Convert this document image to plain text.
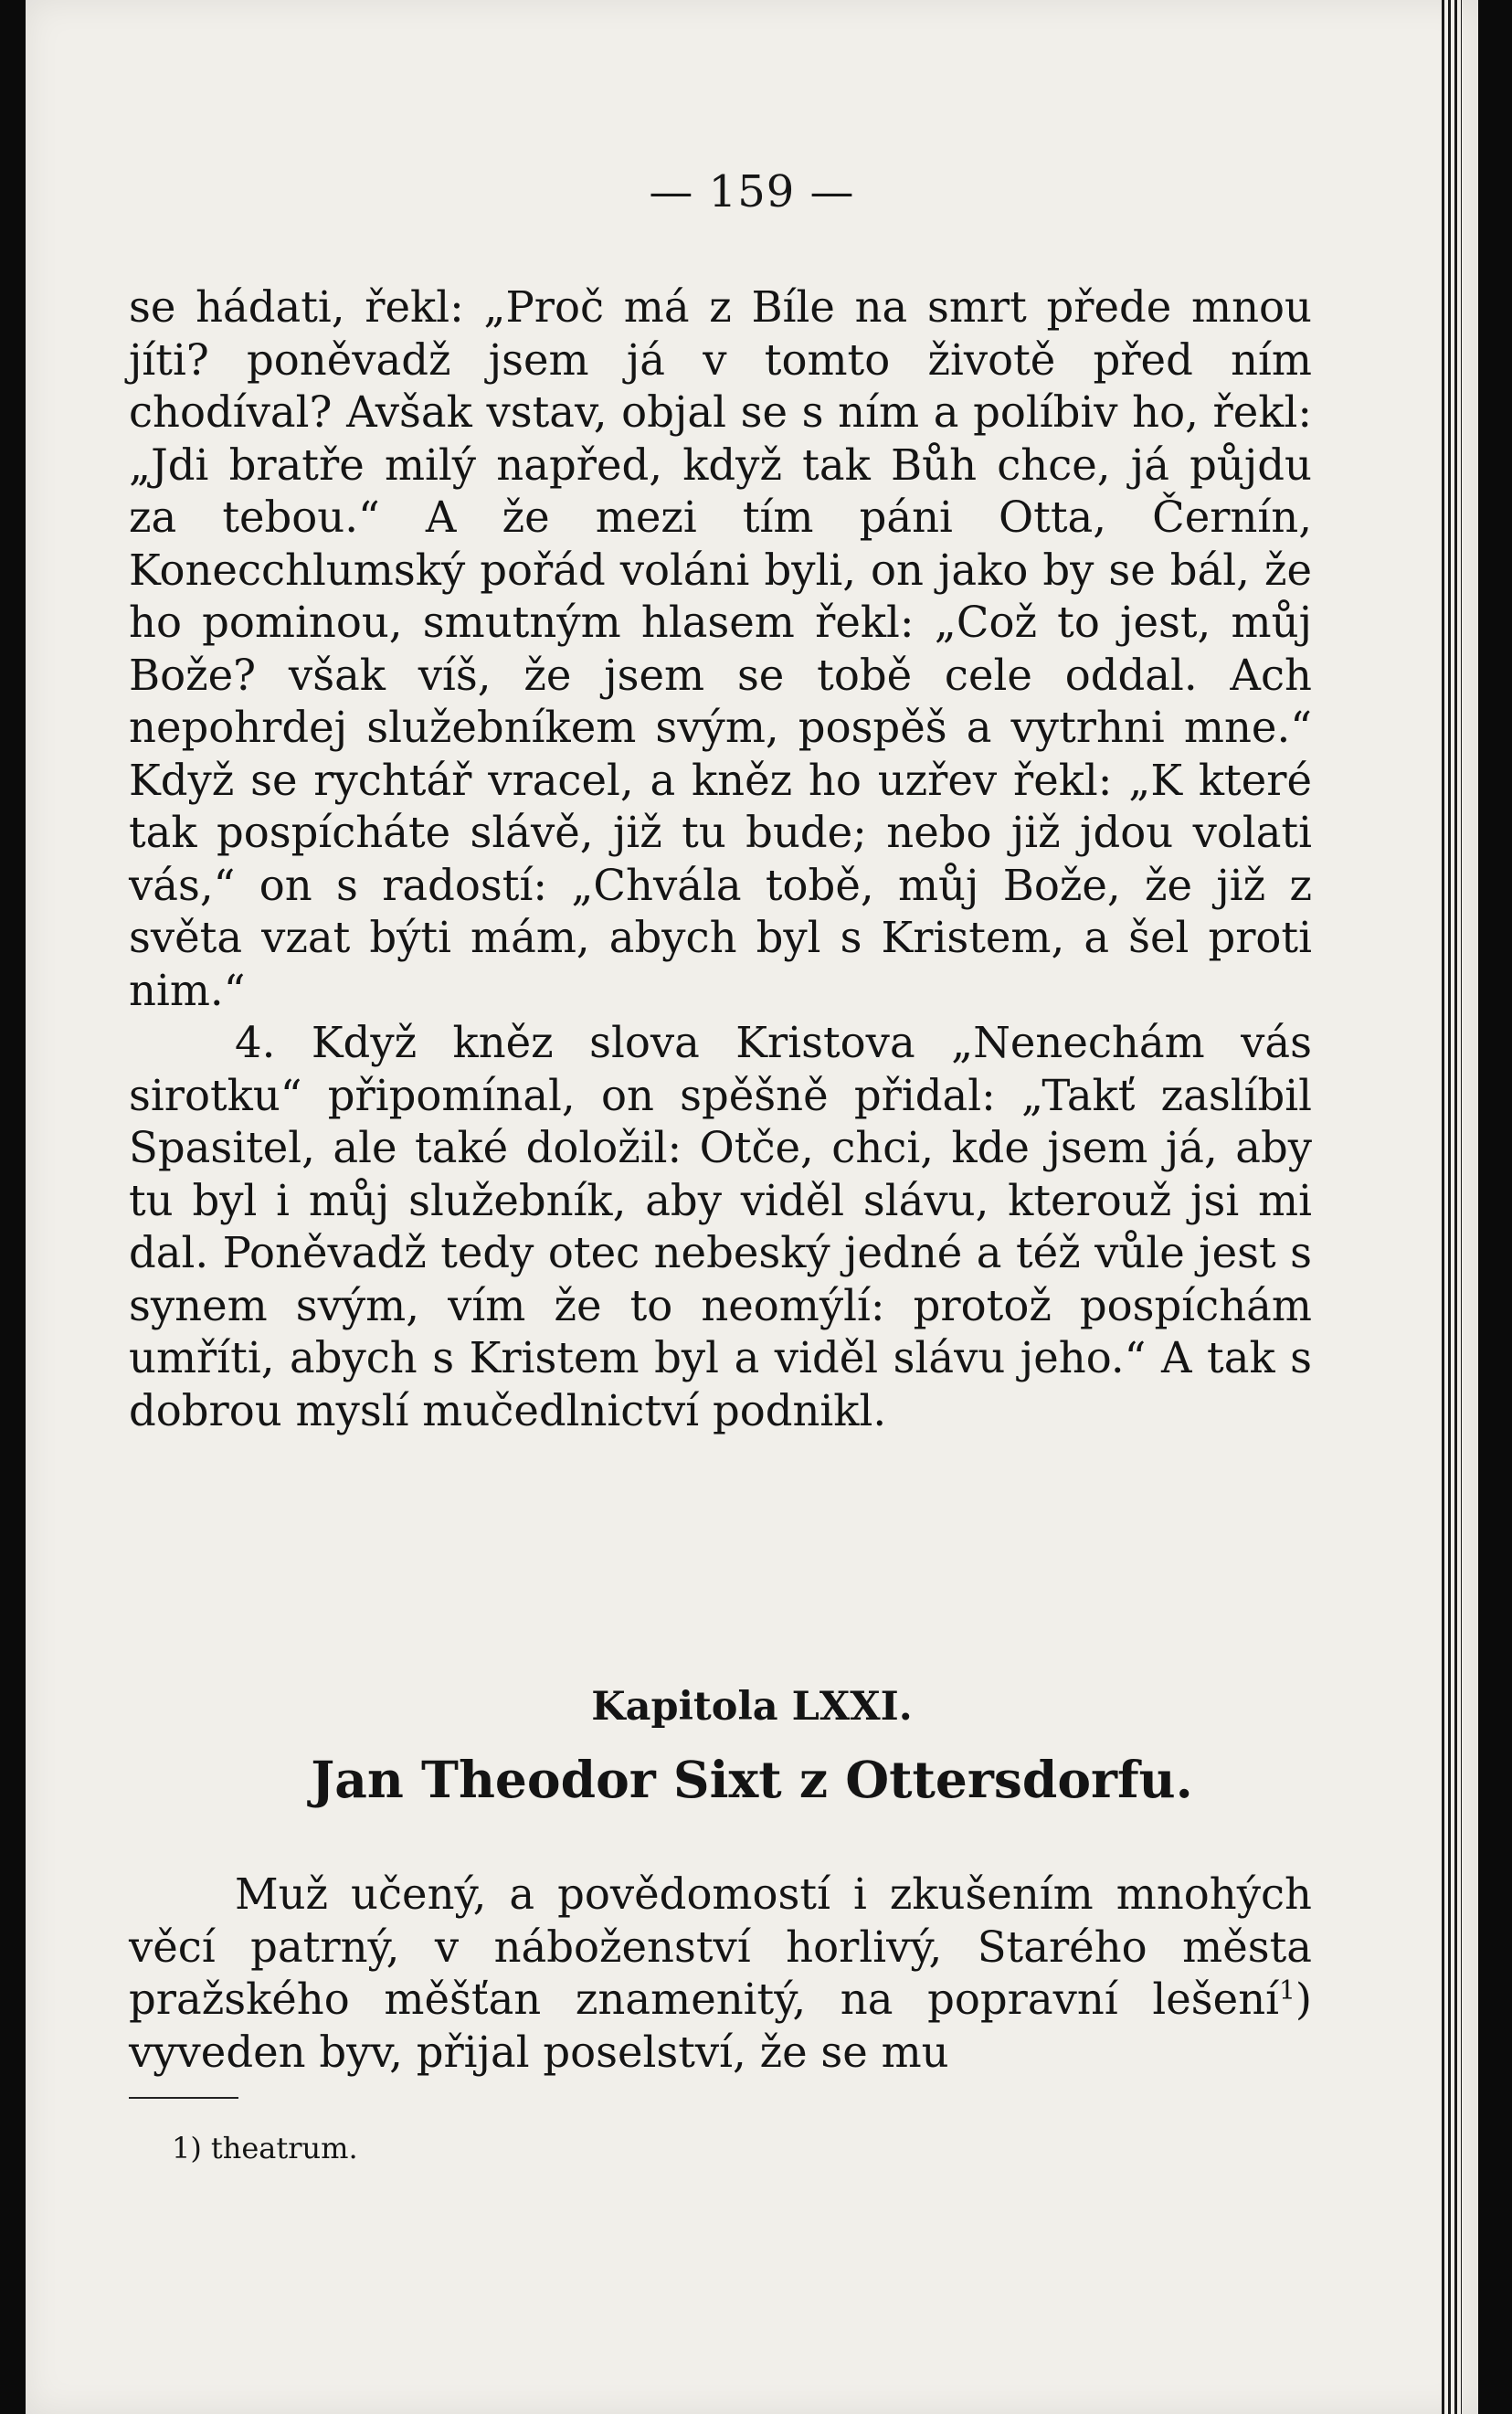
— 159 —

se hádati, řekl: „Proč má z Bíle na smrt přede mnou jíti? poněvadž jsem já v tomto životě před ním chodíval? Avšak vstav, objal se s ním a políbiv ho, řekl: „Jdi bratře milý napřed, když tak Bůh chce, já půjdu za tebou.“ A že mezi tím páni Otta, Černín, Konecchlumský pořád voláni byli, on jako by se bál, že ho pominou, smutným hlasem řekl: „Což to jest, můj Bože? však víš, že jsem se tobě cele oddal. Ach nepohrdej služebníkem svým, pospěš a vytrhni mne.“ Když se rychtář vracel, a kněz ho uzřev řekl: „K které tak pospícháte slávě, již tu bude; nebo již jdou volati vás,“ on s radostí: „Chvála tobě, můj Bože, že již z světa vzat býti mám, abych byl s Kristem, a šel proti nim.“

4. Když kněz slova Kristova „Nenechám vás sirotku“ připomínal, on spěšně přidal: „Takť zaslíbil Spasitel, ale také doložil: Otče, chci, kde jsem já, aby tu byl i můj služebník, aby viděl slávu, kterouž jsi mi dal. Poněvadž tedy otec nebeský jedné a též vůle jest s synem svým, vím že to neomýlí: protož pospíchám umříti, abych s Kristem byl a viděl slávu jeho.“ A tak s dobrou myslí mučedlnictví podnikl.

Kapitola LXXI.
Jan Theodor Sixt z Ottersdorfu.

Muž učený, a povědomostí i zkušením mnohých věcí patrný, v náboženství horlivý, Starého města pražského měšťan znamenitý, na popravní lešení$^1$) vyveden byv, přijal poselství, že se mu

1) theatrum.
